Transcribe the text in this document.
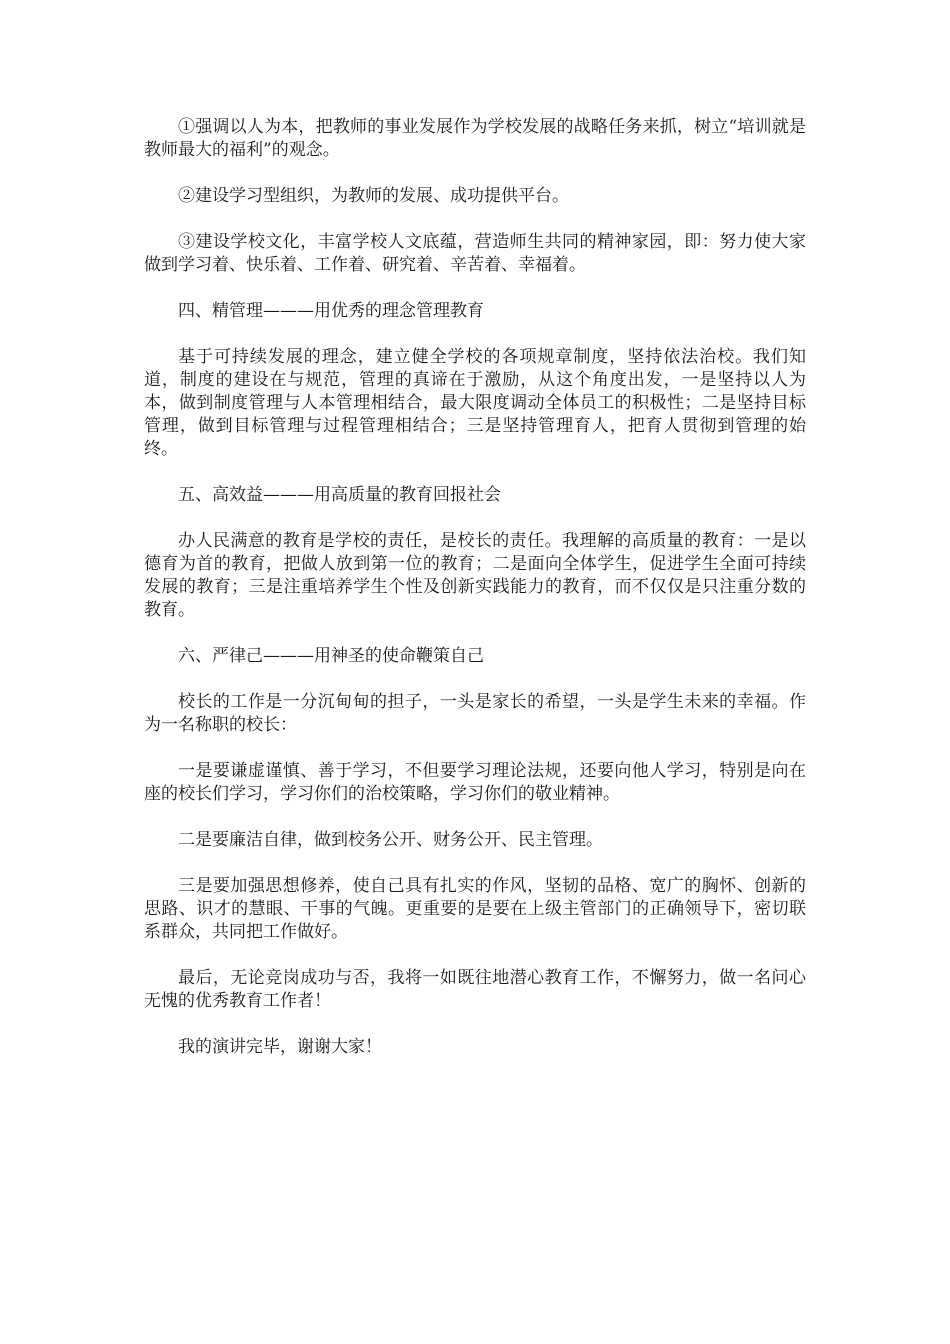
①强调以人为本，把教师的事业发展作为学校发展的战略任务来抓，树立“培训就是教师最大的福利”的观念。

②建设学习型组织，为教师的发展、成功提供平台。

③建设学校文化，丰富学校人文底蕴，营造师生共同的精神家园，即：努力使大家做到学习着、快乐着、工作着、研究着、辛苦着、幸福着。

四、精管理———用优秀的理念管理教育

基于可持续发展的理念，建立健全学校的各项规章制度，坚持依法治校。我们知道，制度的建设在与规范，管理的真谛在于激励，从这个角度出发，一是坚持以人为本，做到制度管理与人本管理相结合，最大限度调动全体员工的积极性；二是坚持目标管理，做到目标管理与过程管理相结合；三是坚持管理育人，把育人贯彻到管理的始终。

五、高效益———用高质量的教育回报社会

办人民满意的教育是学校的责任，是校长的责任。我理解的高质量的教育：一是以德育为首的教育，把做人放到第一位的教育；二是面向全体学生，促进学生全面可持续发展的教育；三是注重培养学生个性及创新实践能力的教育，而不仅仅是只注重分数的教育。

六、严律己———用神圣的使命鞭策自己

校长的工作是一分沉甸甸的担子，一头是家长的希望，一头是学生未来的幸福。作为一名称职的校长：

一是要谦虚谨慎、善于学习，不但要学习理论法规，还要向他人学习，特别是向在座的校长们学习，学习你们的治校策略，学习你们的敬业精神。

二是要廉洁自律，做到校务公开、财务公开、民主管理。

三是要加强思想修养，使自己具有扎实的作风，坚韧的品格、宽广的胸怀、创新的思路、识才的慧眼、干事的气魄。更重要的是要在上级主管部门的正确领导下，密切联系群众，共同把工作做好。

最后，无论竞岗成功与否，我将一如既往地潜心教育工作，不懈努力，做一名问心无愧的优秀教育工作者！

我的演讲完毕，谢谢大家！
